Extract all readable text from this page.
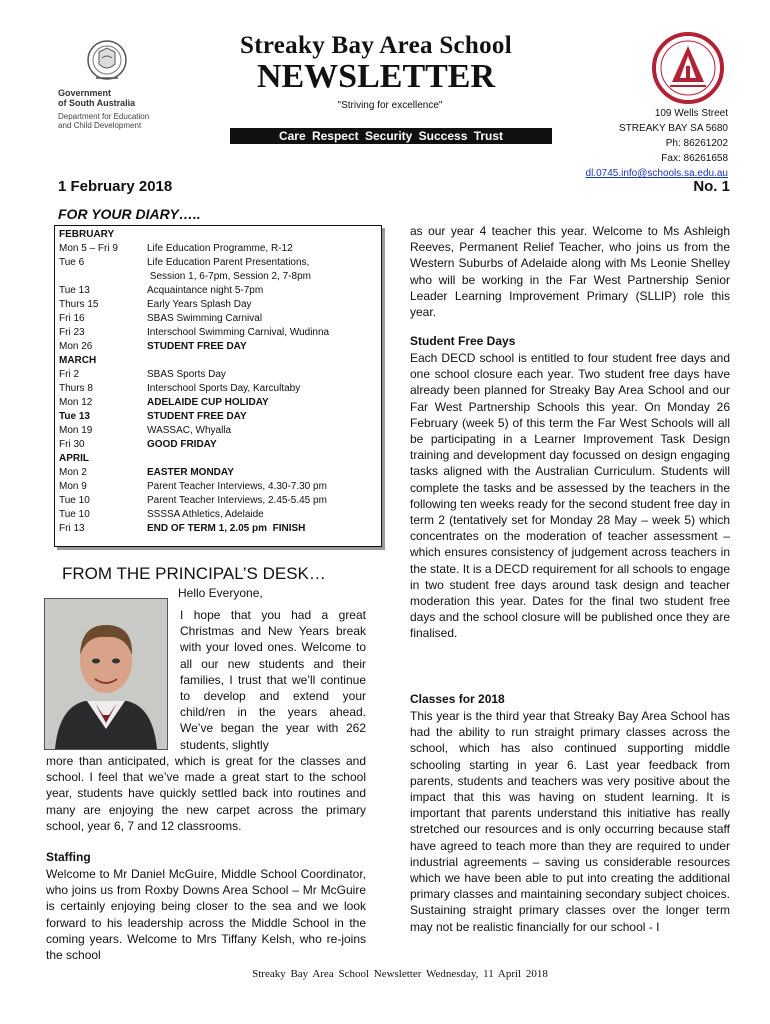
Government
of South Australia
Department for Education
and Child Development
Streaky Bay Area School
NEWSLETTER
"Striving for excellence"
Care Respect Security Success Trust
109 Wells Street
STREAKY BAY SA 5680
Ph: 86261202
Fax: 86261658
dl.0745.info@schools.sa.edu.au
1 February 2018	No. 1
FOR YOUR DIARY…..
FEBRUARY
Mon 5 – Fri 9	Life Education Programme, R-12
Tue 6	Life Education Parent Presentations,
Session 1, 6-7pm, Session 2, 7-8pm
Tue 13	Acquaintance night 5-7pm
Thurs 15	Early Years Splash Day
Fri 16	SBAS Swimming Carnival
Fri 23	Interschool Swimming Carnival, Wudinna
Mon 26	STUDENT FREE DAY
MARCH
Fri 2	SBAS Sports Day
Thurs 8	Interschool Sports Day, Karcultaby
Mon 12	ADELAIDE CUP HOLIDAY
Tue 13	STUDENT FREE DAY
Mon 19	WASSAC, Whyalla
Fri 30	GOOD FRIDAY
APRIL
Mon 2	EASTER MONDAY
Mon 9	Parent Teacher Interviews, 4.30-7.30 pm
Tue 10	Parent Teacher Interviews, 2.45-5.45 pm
Tue 10	SSSSA Athletics, Adelaide
Fri 13	END OF TERM 1, 2.05 pm  FINISH
FROM THE PRINCIPAL’S DESK…
Hello Everyone,
I hope that you had a great Christmas and New Years break with your loved ones. Welcome to all our new students and their families, I trust that we’ll continue to develop and extend your child/ren in the years ahead. We’ve began the year with 262 students, slightly
more than anticipated, which is great for the classes and school. I feel that we’ve made a great start to the school year, students have quickly settled back into routines and many are enjoying the new carpet across the primary school, year 6, 7 and 12 classrooms.
Staffing
Welcome to Mr Daniel McGuire, Middle School Coordinator, who joins us from Roxby Downs Area School – Mr McGuire is certainly enjoying being closer to the sea and we look forward to his leadership across the Middle School in the coming years. Welcome to Mrs Tiffany Kelsh, who re-joins the school
as our year 4 teacher this year. Welcome to Ms Ashleigh Reeves, Permanent Relief Teacher, who joins us from the Western Suburbs of Adelaide along with Ms Leonie Shelley who will be working in the Far West Partnership Senior Leader Learning Improvement Primary (SLLIP) role this year.
Student Free Days
Each DECD school is entitled to four student free days and one school closure each year. Two student free days have already been planned for Streaky Bay Area School and our Far West Partnership Schools this year. On Monday 26 February (week 5) of this term the Far West Schools will all be participating in a Learner Improvement Task Design training and development day focussed on design engaging tasks aligned with the Australian Curriculum. Students will complete the tasks and be assessed by the teachers in the following ten weeks ready for the second student free day in term 2 (tentatively set for Monday 28 May – week 5) which concentrates on the moderation of teacher assessment – which ensures consistency of judgement across teachers in the state. It is a DECD requirement for all schools to engage in two student free days around task design and teacher moderation this year. Dates for the final two student free days and the school closure will be published once they are finalised.
Classes for 2018
This year is the third year that Streaky Bay Area School has had the ability to run straight primary classes across the school, which has also continued supporting middle schooling starting in year 6. Last year feedback from parents, students and teachers was very positive about the impact that this was having on student learning. It is important that parents understand this initiative has really stretched our resources and is only occurring because staff have agreed to teach more than they are required to under industrial agreements – saving us considerable resources which we have been able to put into creating the additional primary classes and maintaining secondary subject choices. Sustaining straight primary classes over the longer term may not be realistic financially for our school - I
Streaky Bay Area School Newsletter Wednesday, 11 April 2018
